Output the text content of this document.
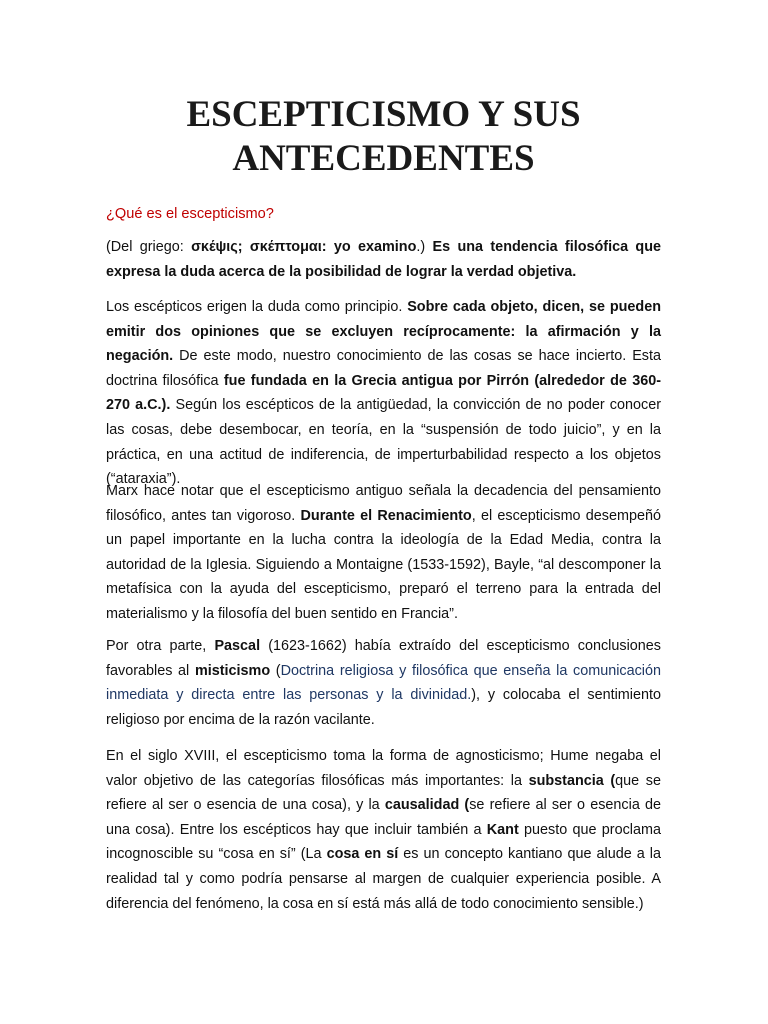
ESCEPTICISMO Y SUS
ANTECEDENTES
¿Qué es el escepticismo?

(Del griego: σκέψις; σκέπτομαι: yo examino.) Es una tendencia filosófica que expresa la duda acerca de la posibilidad de lograr la verdad objetiva.

Los escépticos erigen la duda como principio. Sobre cada objeto, dicen, se pueden emitir dos opiniones que se excluyen recíprocamente: la afirmación y la negación. De este modo, nuestro conocimiento de las cosas se hace incierto. Esta doctrina filosófica fue fundada en la Grecia antigua por Pirrón (alrededor de 360-270 a.C.). Según los escépticos de la antigüedad, la convicción de no poder conocer las cosas, debe desembocar, en teoría, en la “suspensión de todo juicio”, y en la práctica, en una actitud de indiferencia, de imperturbabilidad respecto a los objetos (“ataraxia”).

Marx hace notar que el escepticismo antiguo señala la decadencia del pensamiento filosófico, antes tan vigoroso. Durante el Renacimiento, el escepticismo desempeñó un papel importante en la lucha contra la ideología de la Edad Media, contra la autoridad de la Iglesia. Siguiendo a Montaigne (1533-1592), Bayle, “al descomponer la metafísica con la ayuda del escepticismo, preparó el terreno para la entrada del materialismo y la filosofía del buen sentido en Francia”.

Por otra parte, Pascal (1623-1662) había extraído del escepticismo conclusiones favorables al misticismo (Doctrina religiosa y filosófica que enseña la comunicación inmediata y directa entre las personas y la divinidad.), y colocaba el sentimiento religioso por encima de la razón vacilante.

En el siglo XVIII, el escepticismo toma la forma de agnosticismo; Hume negaba el valor objetivo de las categorías filosóficas más importantes: la substancia (que se refiere al ser o esencia de una cosa), y la causalidad (se refiere al ser o esencia de una cosa). Entre los escépticos hay que incluir también a Kant puesto que proclama incognoscible su “cosa en sí” (La cosa en sí es un concepto kantiano que alude a la realidad tal y como podría pensarse al margen de cualquier experiencia posible. A diferencia del fenómeno, la cosa en sí está más allá de todo conocimiento sensible.)
